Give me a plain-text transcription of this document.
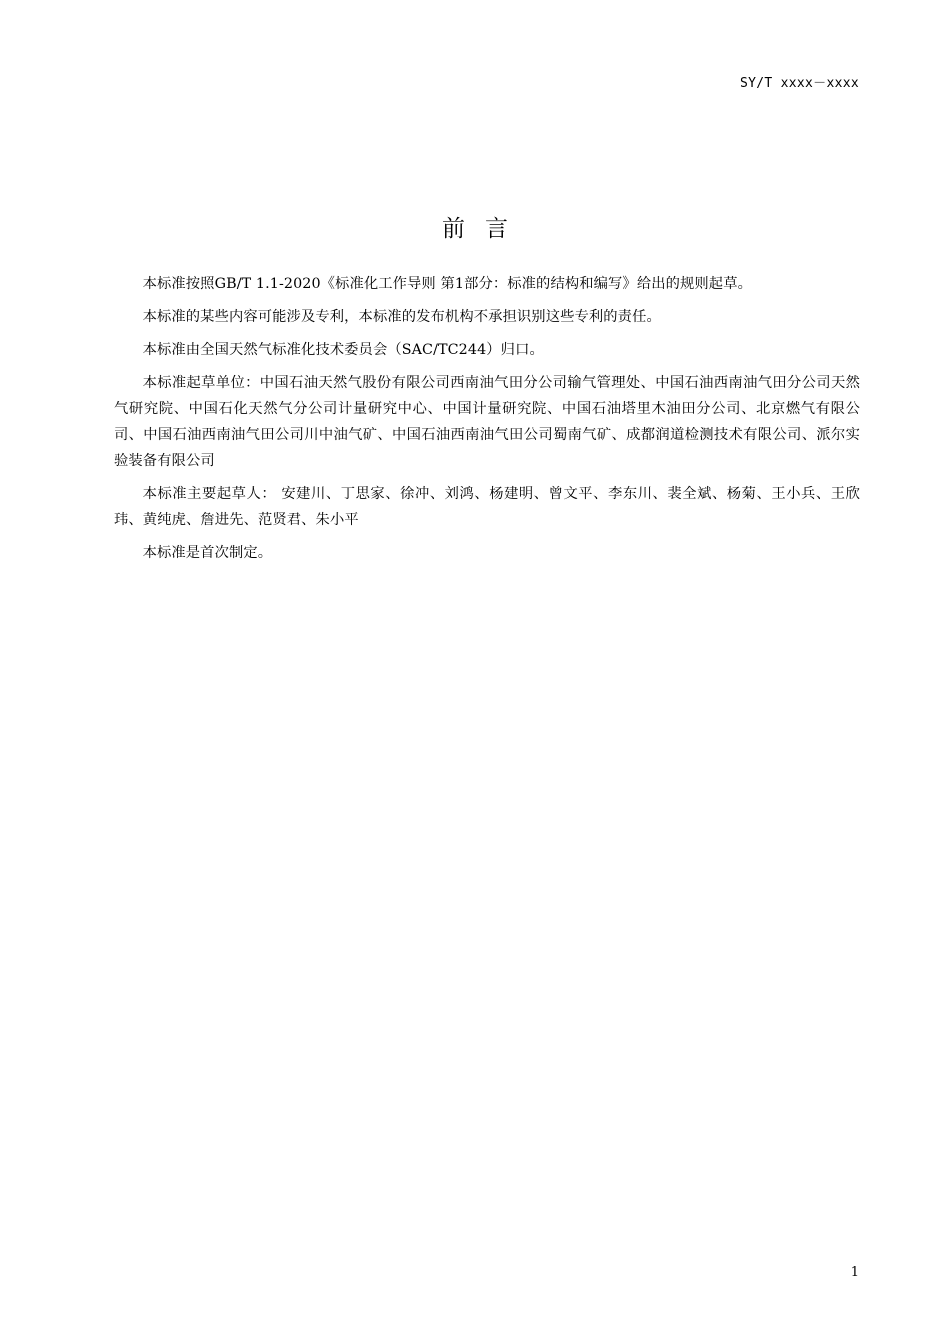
SY/T xxxx－xxxx
前言

本标准按照GB/T 1.1-2020《标准化工作导则 第1部分：标准的结构和编写》给出的规则起草。

本标准的某些内容可能涉及专利，本标准的发布机构不承担识别这些专利的责任。

本标准由全国天然气标准化技术委员会（SAC/TC244）归口。

本标准起草单位：中国石油天然气股份有限公司西南油气田分公司输气管理处、中国石油西南油气田分公司天然气研究院、中国石化天然气分公司计量研究中心、中国计量研究院、中国石油塔里木油田分公司、北京燃气有限公司、中国石油西南油气田公司川中油气矿、中国石油西南油气田公司蜀南气矿、成都润道检测技术有限公司、派尔实验装备有限公司

本标准主要起草人： 安建川、丁思家、徐冲、刘鸿、杨建明、曾文平、李东川、裴全斌、杨菊、王小兵、王欣玮、黄纯虎、詹进先、范贤君、朱小平

本标准是首次制定。

1
